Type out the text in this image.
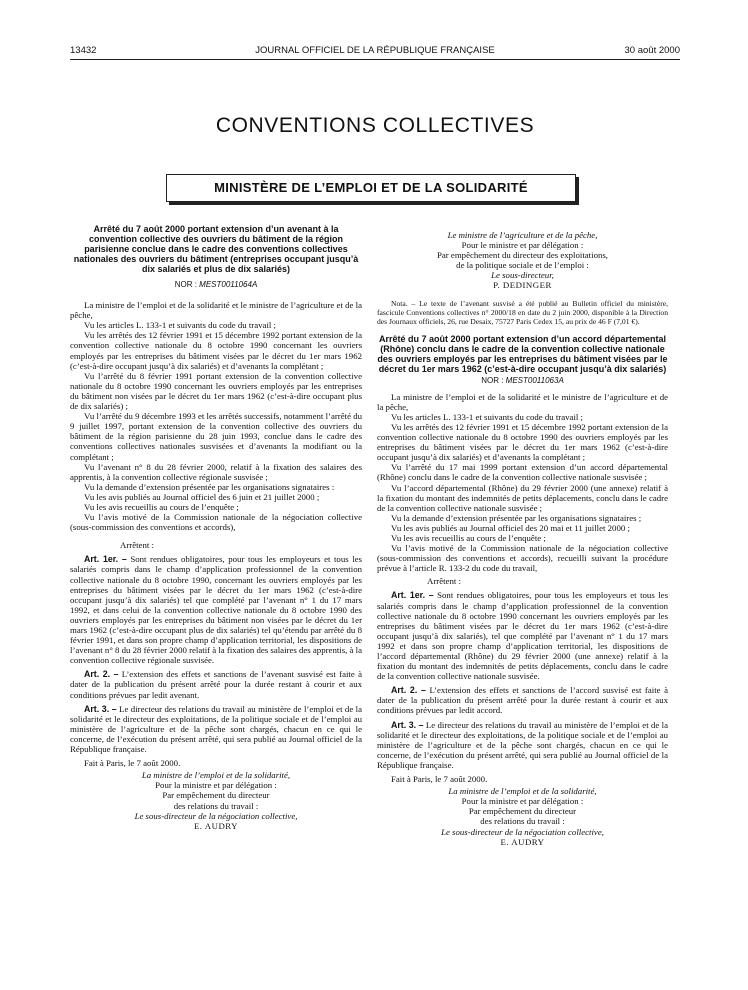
13432	JOURNAL OFFICIEL DE LA RÉPUBLIQUE FRANÇAISE	30 août 2000
CONVENTIONS COLLECTIVES
MINISTÈRE DE L’EMPLOI ET DE LA SOLIDARITÉ

Arrêté du 7 août 2000 portant extension d’un avenant à la convention collective des ouvriers du bâtiment de la région parisienne conclue dans le cadre des conventions collectives nationales des ouvriers du bâtiment (entreprises occupant jusqu’à dix salariés et plus de dix salariés)

NOR : MEST0011064A

La ministre de l’emploi et de la solidarité et le ministre de l’agriculture et de la pêche,

Vu les articles L. 133-1 et suivants du code du travail ;

Vu les arrêtés des 12 février 1991 et 15 décembre 1992 portant extension de la convention collective nationale du 8 octobre 1990 concernant les ouvriers employés par les entreprises du bâtiment visées par le décret du 1er mars 1962 (c’est-à-dire occupant jusqu’à dix salariés) et d’avenants la complétant ;

Vu l’arrêté du 8 février 1991 portant extension de la convention collective nationale du 8 octobre 1990 concernant les ouvriers employés par les entreprises du bâtiment non visées par le décret du 1er mars 1962 (c’est-à-dire occupant plus de dix salariés) ;

Vu l’arrêté du 9 décembre 1993 et les arrêtés successifs, notamment l’arrêté du 9 juillet 1997, portant extension de la convention collective des ouvriers du bâtiment de la région parisienne du 28 juin 1993, conclue dans le cadre des conventions collectives nationales susvisées et d’avenants la modifiant ou la complétant ;

Vu l’avenant n° 8 du 28 février 2000, relatif à la fixation des salaires des apprentis, à la convention collective régionale susvisée ;

Vu la demande d’extension présentée par les organisations signataires :

Vu les avis publiés au Journal officiel des 6 juin et 21 juillet 2000 ;

Vu les avis recueillis au cours de l’enquête ;

Vu l’avis motivé de la Commission nationale de la négociation collective (sous-commission des conventions et accords),

Arrêtent :

Art. 1er. – Sont rendues obligatoires, pour tous les employeurs et tous les salariés compris dans le champ d’application professionnel de la convention collective nationale du 8 octobre 1990, concernant les ouvriers employés par les entreprises du bâtiment visées par le décret du 1er mars 1962 (c’est-à-dire occupant jusqu’à dix salariés) tel que complété par l’avenant n° 1 du 17 mars 1992, et dans celui de la convention collective nationale du 8 octobre 1990 des ouvriers employés par les entreprises du bâtiment non visées par le décret du 1er mars 1962 (c’est-à-dire occupant plus de dix salariés) tel qu’étendu par arrêté du 8 février 1991, et dans son propre champ d’application territorial, les dispositions de l’avenant n° 8 du 28 février 2000 relatif à la fixation des salaires des apprentis, à la convention collective régionale susvisée.

Art. 2. – L’extension des effets et sanctions de l’avenant susvisé est faite à dater de la publication du présent arrêté pour la durée restant à courir et aux conditions prévues par ledit avenant.

Art. 3. – Le directeur des relations du travail au ministère de l’emploi et de la solidarité et le directeur des exploitations, de la politique sociale et de l’emploi au ministère de l’agriculture et de la pêche sont chargés, chacun en ce qui le concerne, de l’exécution du présent arrêté, qui sera publié au Journal officiel de la République française.

Fait à Paris, le 7 août 2000.

La ministre de l’emploi et de la solidarité,

Pour la ministre et par délégation :

Par empêchement du directeur

des relations du travail :

Le sous-directeur de la négociation collective,

E. AUDRY

Le ministre de l’agriculture et de la pêche,

Pour le ministre et par délégation :

Par empêchement du directeur des exploitations,

de la politique sociale et de l’emploi :

Le sous-directeur,

P. DEDINGER

Nota. – Le texte de l’avenant susvisé a été publié au Bulletin officiel du ministère, fascicule Conventions collectives n° 2000/18 en date du 2 juin 2000, disponible à la Direction des Journaux officiels, 26, rue Desaix, 75727 Paris Cedex 15, au prix de 46 F (7,01 €).

Arrêté du 7 août 2000 portant extension d’un accord départemental (Rhône) conclu dans le cadre de la convention collective nationale des ouvriers employés par les entreprises du bâtiment visées par le décret du 1er mars 1962 (c’est-à-dire occupant jusqu’à dix salariés)

NOR : MEST0011063A

La ministre de l’emploi et de la solidarité et le ministre de l’agriculture et de la pêche,

Vu les articles L. 133-1 et suivants du code du travail ;

Vu les arrêtés des 12 février 1991 et 15 décembre 1992 portant extension de la convention collective nationale du 8 octobre 1990 des ouvriers employés par les entreprises du bâtiment visées par le décret du 1er mars 1962 (c’est-à-dire occupant jusqu’à dix salariés) et d’avenants la complétant ;

Vu l’arrêté du 17 mai 1999 portant extension d’un accord départemental (Rhône) conclu dans le cadre de la convention collective nationale susvisée ;

Vu l’accord départemental (Rhône) du 29 février 2000 (une annexe) relatif à la fixation du montant des indemnités de petits déplacements, conclu dans le cadre de la convention collective nationale susvisée ;

Vu la demande d’extension présentée par les organisations signataires ;

Vu les avis publiés au Journal officiel des 20 mai et 11 juillet 2000 ;

Vu les avis recueillis au cours de l’enquête ;

Vu l’avis motivé de la Commission nationale de la négociation collective (sous-commission des conventions et accords), recueilli suivant la procédure prévue à l’article R. 133-2 du code du travail,

Arrêtent :

Art. 1er. – Sont rendues obligatoires, pour tous les employeurs et tous les salariés compris dans le champ d’application professionnel de la convention collective nationale du 8 octobre 1990 concernant les ouvriers employés par les entreprises du bâtiment visées par le décret du 1er mars 1962 (c’est-à-dire occupant jusqu’à dix salariés), tel que complété par l’avenant n° 1 du 17 mars 1992 et dans son propre champ d’application territorial, les dispositions de l’accord départemental (Rhône) du 29 février 2000 (une annexe) relatif à la fixation du montant des indemnités de petits déplacements, conclu dans le cadre de la convention collective nationale susvisée.

Art. 2. – L’extension des effets et sanctions de l’accord susvisé est faite à dater de la publication du présent arrêté pour la durée restant à courir et aux conditions prévues par ledit accord.

Art. 3. – Le directeur des relations du travail au ministère de l’emploi et de la solidarité et le directeur des exploitations, de la politique sociale et de l’emploi au ministère de l’agriculture et de la pêche sont chargés, chacun en ce qui le concerne, de l’exécution du présent arrêté, qui sera publié au Journal officiel de la République française.

Fait à Paris, le 7 août 2000.

La ministre de l’emploi et de la solidarité,

Pour la ministre et par délégation :

Par empêchement du directeur

des relations du travail :

Le sous-directeur de la négociation collective,

E. AUDRY
